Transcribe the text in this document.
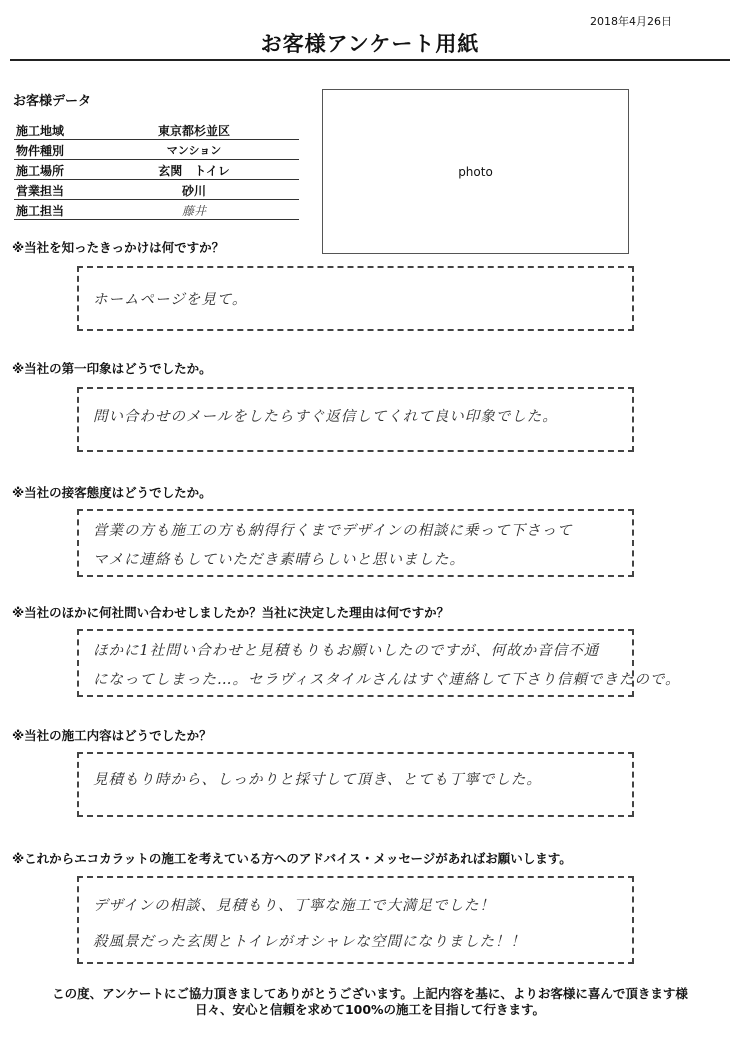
2018年4月26日
お客様アンケート用紙
お客様データ
施工地域	東京都杉並区
物件種別	マンション
施工場所	玄関　トイレ
営業担当	砂川
施工担当	藤井
photo
※当社を知ったきっかけは何ですか？
ホームページを見て。
※当社の第一印象はどうでしたか。
問い合わせのメールをしたらすぐ返信してくれて良い印象でした。
※当社の接客態度はどうでしたか。
営業の方も施工の方も納得行くまでデザインの相談に乗って下さって
マメに連絡もしていただき素晴らしいと思いました。
※当社のほかに何社問い合わせしましたか？当社に決定した理由は何ですか？
ほかに1社問い合わせと見積もりもお願いしたのですが、何故か音信不通
になってしまった…。セラヴィスタイルさんはすぐ連絡して下さり信頼できたので。
※当社の施工内容はどうでしたか？
見積もり時から、しっかりと採寸して頂き、とても丁寧でした。
※これからエコカラットの施工を考えている方へのアドバイス・メッセージがあればお願いします。
デザインの相談、見積もり、丁寧な施工で大満足でした！
殺風景だった玄関とトイレがオシャレな空間になりました！！
この度、アンケートにご協力頂きましてありがとうございます。上記内容を基に、よりお客様に喜んで頂きます様
日々、安心と信頼を求めて100%の施工を目指して行きます。
